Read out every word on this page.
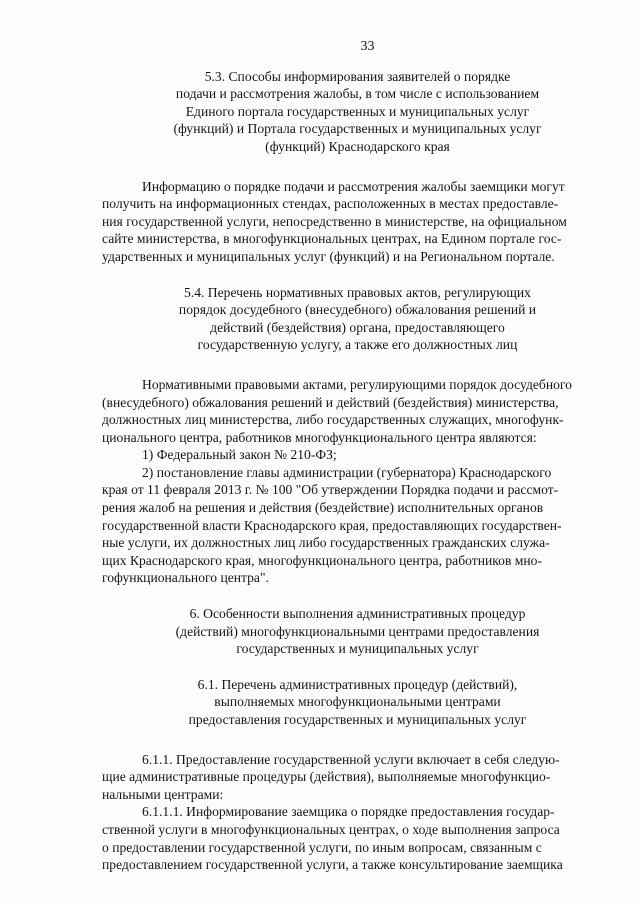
33
5.3. Способы информирования заявителей о порядке
подачи и рассмотрения жалобы, в том числе с использованием
Единого портала государственных и муниципальных услуг
(функций) и Портала государственных и муниципальных услуг
(функций) Краснодарского края
Информацию о порядке подачи и рассмотрения жалобы заемщики могут
получить на информационных стендах, расположенных в местах предоставле-
ния государственной услуги, непосредственно в министерстве, на официальном
сайте министерства, в многофункциональных центрах, на Едином портале гос-
ударственных и муниципальных услуг (функций) и на Региональном портале.
5.4. Перечень нормативных правовых актов, регулирующих
порядок досудебного (внесудебного) обжалования решений и
действий (бездействия) органа, предоставляющего
государственную услугу, а также его должностных лиц
Нормативными правовыми актами, регулирующими порядок досудебного
(внесудебного) обжалования решений и действий (бездействия) министерства,
должностных лиц министерства, либо государственных служащих, многофунк-
ционального центра, работников многофункционального центра являются:

1) Федеральный закон № 210-ФЗ;

2) постановление главы администрации (губернатора) Краснодарского
края от 11 февраля 2013 г. № 100 "Об утверждении Порядка подачи и рассмот-
рения жалоб на решения и действия (бездействие) исполнительных органов
государственной власти Краснодарского края, предоставляющих государствен-
ные услуги, их должностных лиц либо государственных гражданских служа-
щих Краснодарского края, многофункционального центра, работников мно-
гофункционального центра".
6. Особенности выполнения административных процедур
(действий) многофункциональными центрами предоставления
государственных и муниципальных услуг
6.1. Перечень административных процедур (действий),
выполняемых многофункциональными центрами
предоставления государственных и муниципальных услуг
6.1.1. Предоставление государственной услуги включает в себя следую-
щие административные процедуры (действия), выполняемые многофункцио-
нальными центрами:
6.1.1.1. Информирование заемщика о порядке предоставления государ-
ственной услуги в многофункциональных центрах, о ходе выполнения запроса
о предоставлении государственной услуги, по иным вопросам, связанным с
предоставлением государственной услуги, а также консультирование заемщика
